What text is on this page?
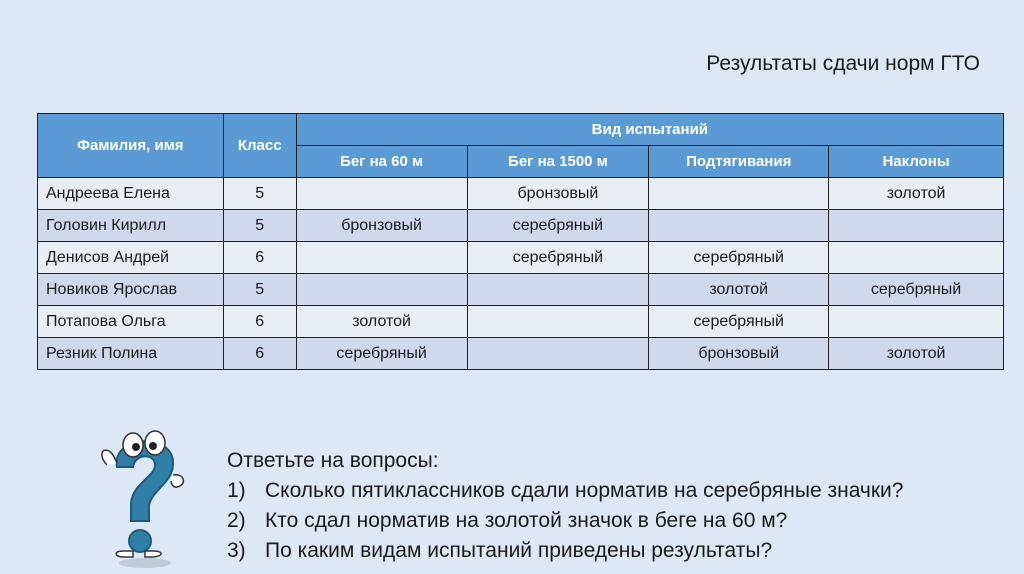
Результаты сдачи норм ГТО
Фамилия, имя	Класс	Вид испытаний			
		Бег на 60 м	Бег на 1500 м	Подтягивания	Наклоны
Андреева Елена	5		бронзовый		золотой
Головин Кирилл	5	бронзовый	серебряный		
Денисов Андрей	6		серебряный	серебряный	
Новиков Ярослав	5			золотой	серебряный
Потапова Ольга	6	золотой		серебряный	
Резник Полина	6	серебряный		бронзовый	золотой
Ответьте на вопросы:
1) Сколько пятиклассников сдали норматив на серебряные значки?
2) Кто сдал норматив на золотой значок в беге на 60 м?
3) По каким видам испытаний приведены результаты?
